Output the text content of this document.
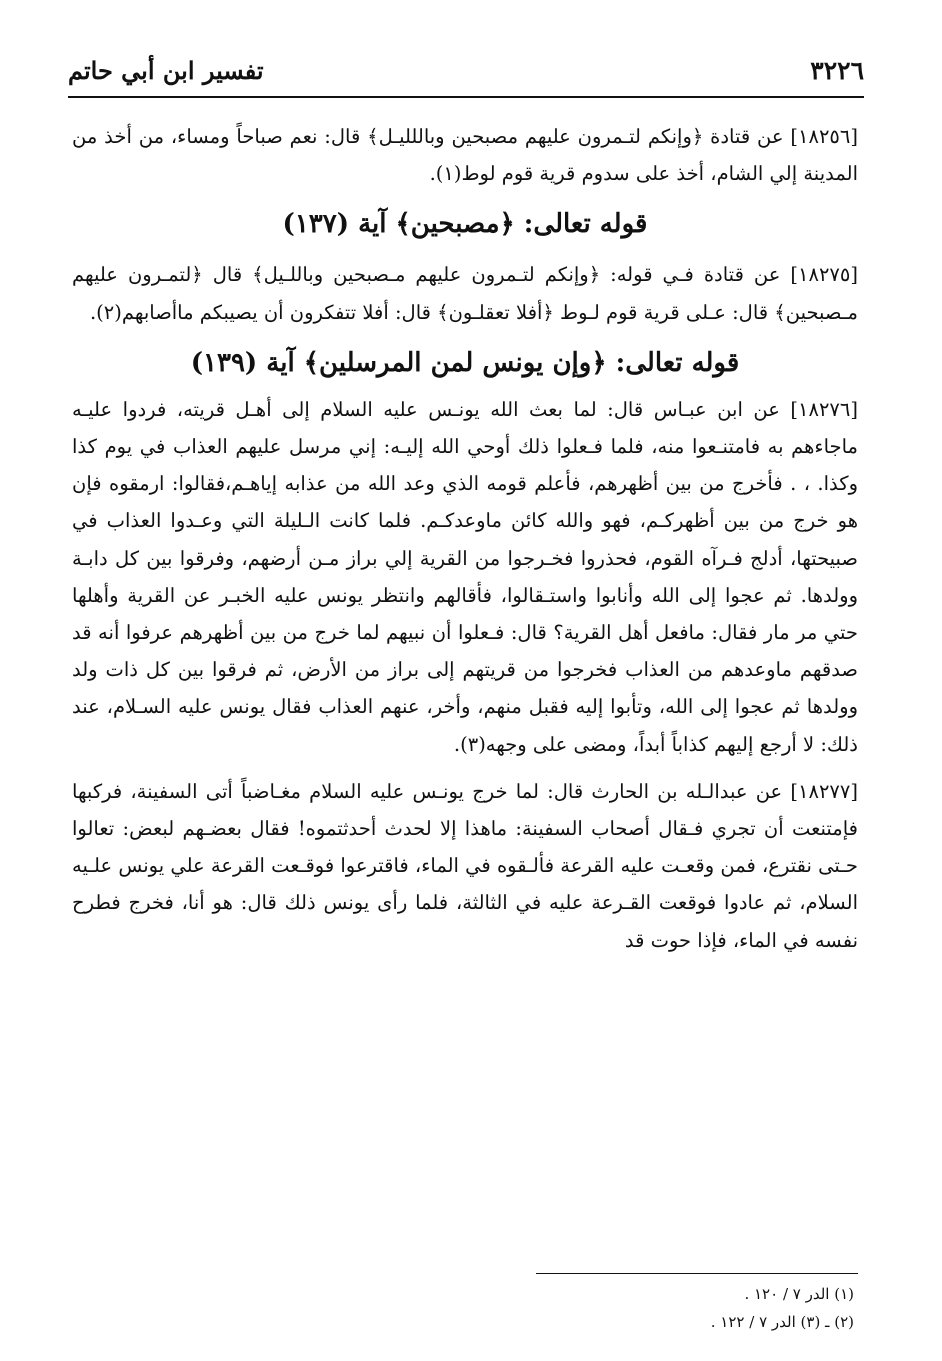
٣٢٢٦
تفسير ابن أبي حاتم

[١٨٢٥٦] عن قتادة ﴿وإنكم لتـمرون عليهم مصبحين وباللليـل﴾ قال: نعم صباحاً ومساء، من أخذ من المدينة إلي الشام، أخذ على سدوم قرية قوم لوط(١).

قوله تعالى: ﴿مصبحين﴾ آية (١٣٧)

[١٨٢٧٥] عن قتادة فـي قوله: ﴿وإنكم لتـمرون عليهم مـصبحين وباللـيل﴾ قال ﴿لتمـرون عليهم مـصبحين﴾ قال: عـلى قرية قوم لـوط ﴿أفلا تعقلـون﴾ قال: أفلا تتفكرون أن يصيبكم ماأصابهم(٢).

قوله تعالى: ﴿وإن يونس لمن المرسلين﴾ آية (١٣٩)

[١٨٢٧٦] عن ابن عبـاس قال: لما بعث الله يونـس عليه السلام إلى أهـل قريته، فردوا عليـه ماجاءهم به فامتنـعوا منه، فلما فـعلوا ذلك أوحي الله إليـه: إني مرسل عليهم العذاب في يوم كذا وكذا. ، . فأخرج من بين أظهرهم، فأعلم قومه الذي وعد الله من عذابه إياهـم،فقالوا: ارمقوه فإن هو خرج من بين أظهركـم، فهو والله كائن ماوعدكـم. فلما كانت الـليلة التي وعـدوا العذاب في صبيحتها، أدلج فـرآه القوم، فحذروا فخـرجوا من القرية إلي براز مـن أرضهم، وفرقوا بين كل دابـة وولدها. ثم عجوا إلى الله وأنابوا واستـقالوا، فأقالهم وانتظر يونس عليه الخبـر عن القرية وأهلها حتي مر مار فقال: مافعل أهل القرية؟ قال: فـعلوا أن نبيهم لما خرج من بين أظهرهم عرفوا أنه قد صدقهم ماوعدهم من العذاب فخرجوا من قريتهم إلى براز من الأرض، ثم فرقوا بين كل ذات ولد وولدها ثم عجوا إلى الله، وتأبوا إليه فقبل منهم، وأخر، عنهم العذاب فقال يونس عليه السـلام، عند ذلك: لا أرجع إليهم كذاباً أبداً، ومضى على وجهه(٣).

[١٨٢٧٧] عن عبدالـله بن الحارث قال: لما خرج يونـس عليه السلام مغـاضباً أتى السفينة، فركبها فإمتنعت أن تجري فـقال أصحاب السفينة: ماهذا إلا لحدث أحدثتموه! فقال بعضـهم لبعض: تعالوا حـتى نقترع، فمن وقعـت عليه القرعة فألـقوه في الماء، فاقترعوا فوقـعت القرعة علي يونس علـيه السلام، ثم عادوا فوقعت القـرعة عليه في الثالثة، فلما رأى يونس ذلك قال: هو أنا، فخرج فطرح نفسه في الماء، فإذا حوت قد

(١) الدر ٧ / ١٢٠ .

(٢) ـ (٣) الدر ٧ / ١٢٢ .
